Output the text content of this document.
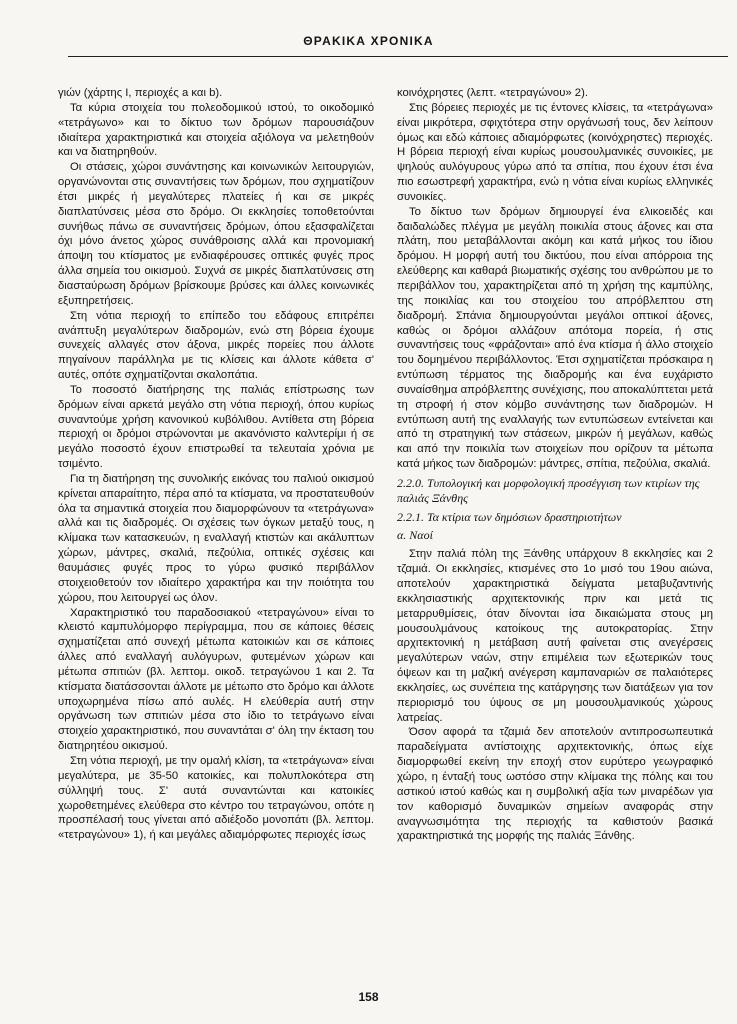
ΘΡΑΚΙΚΑ ΧΡΟΝΙΚΑ

γιών (χάρτης Ι, περιοχές a και b).

Τα κύρια στοιχεία του πολεοδομικού ιστού, το οικοδομικό «τετράγωνο» και το δίκτυο των δρόμων παρουσιάζουν ιδιαίτερα χαρακτηριστικά και στοιχεία αξιόλογα να μελετηθούν και να διατηρηθούν.

Οι στάσεις, χώροι συνάντησης και κοινωνικών λειτουργιών, οργανώνονται στις συναντήσεις των δρόμων, που σχηματίζουν έτσι μικρές ή μεγαλύτερες πλατείες ή και σε μικρές διαπλατύνσεις μέσα στο δρόμο. Οι εκκλησίες τοποθετούνται συνήθως πάνω σε συναντήσεις δρόμων, όπου εξασφαλίζεται όχι μόνο άνετος χώρος συνάθροισης αλλά και προνομιακή άποψη του κτίσματος με ενδιαφέρουσες οπτικές φυγές προς άλλα σημεία του οικισμού. Συχνά σε μικρές διαπλατύνσεις στη διασταύρωση δρόμων βρίσκουμε βρύσες και άλλες κοινωνικές εξυπηρετήσεις.

Στη νότια περιοχή το επίπεδο του εδάφους επιτρέπει ανάπτυξη μεγαλύτερων διαδρομών, ενώ στη βόρεια έχουμε συνεχείς αλλαγές στον άξονα, μικρές πορείες που άλλοτε πηγαίνουν παράλληλα με τις κλίσεις και άλλοτε κάθετα σ' αυτές, οπότε σχηματίζονται σκαλοπάτια.

Το ποσοστό διατήρησης της παλιάς επίστρωσης των δρόμων είναι αρκετά μεγάλο στη νότια περιοχή, όπου κυρίως συναντούμε χρήση κανονικού κυβόλιθου. Αντίθετα στη βόρεια περιοχή οι δρόμοι στρώνονται με ακανόνιστο καλντερίμι ή σε μεγάλο ποσοστό έχουν επιστρωθεί τα τελευταία χρόνια με τσιμέντο.

Για τη διατήρηση της συνολικής εικόνας του παλιού οικισμού κρίνεται απαραίτητο, πέρα από τα κτίσματα, να προστατευθούν όλα τα σημαντικά στοιχεία που διαμορφώνουν τα «τετράγωνα» αλλά και τις διαδρομές. Οι σχέσεις των όγκων μεταξύ τους, η κλίμακα των κατασκευών, η εναλλαγή κτιστών και ακάλυπτων χώρων, μάντρες, σκαλιά, πεζούλια, οπτικές σχέσεις και θαυμάσιες φυγές προς το γύρω φυσικό περιβάλλον στοιχειοθετούν τον ιδιαίτερο χαρακτήρα και την ποιότητα του χώρου, που λειτουργεί ως όλον.

Χαρακτηριστικό του παραδοσιακού «τετραγώνου» είναι το κλειστό καμπυλόμορφο περίγραμμα, που σε κάποιες θέσεις σχηματίζεται από συνεχή μέτωπα κατοικιών και σε κάποιες άλλες από εναλλαγή αυλόγυρων, φυτεμένων χώρων και μέτωπα σπιτιών (βλ. λεπτομ. οικοδ. τετραγώνου 1 και 2. Τα κτίσματα διατάσσονται άλλοτε με μέτωπο στο δρόμο και άλλοτε υποχωρημένα πίσω από αυλές. Η ελεύθερία αυτή στην οργάνωση των σπιτιών μέσα στο ίδιο το τετράγωνο είναι στοιχείο χαρακτηριστικό, που συναντάται σ' όλη την έκταση του διατηρητέου οικισμού.

Στη νότια περιοχή, με την ομαλή κλίση, τα «τετράγωνα» είναι μεγαλύτερα, με 35-50 κατοικίες, και πολυπλοκότερα στη σύλληψή τους. Σ' αυτά συναντώνται και κατοικίες χωροθετημένες ελεύθερα στο κέντρο του τετραγώνου, οπότε η προσπέλασή τους γίνεται από αδιέξοδο μονοπάτι (βλ. λεπτομ. «τετραγώνου» 1), ή και μεγάλες αδιαμόρφωτες περιοχές ίσως

κοινόχρηστες (λεπτ. «τετραγώνου» 2).

Στις βόρειες περιοχές με τις έντονες κλίσεις, τα «τετράγωνα» είναι μικρότερα, σφιχτότερα στην οργάνωσή τους, δεν λείπουν όμως και εδώ κάποιες αδιαμόρφωτες (κοινόχρηστες) περιοχές. Η βόρεια περιοχή είναι κυρίως μουσουλμανικές συνοικίες, με ψηλούς αυλόγυρους γύρω από τα σπίτια, που έχουν έτσι ένα πιο εσωστρεφή χαρακτήρα, ενώ η νότια είναι κυρίως ελληνικές συνοικίες.

Το δίκτυο των δρόμων δημιουργεί ένα ελικοειδές και δαιδαλώδες πλέγμα με μεγάλη ποικιλία στους άξονες και στα πλάτη, που μεταβάλλονται ακόμη και κατά μήκος του ίδιου δρόμου. Η μορφή αυτή του δικτύου, που είναι απόρροια της ελεύθερης και καθαρά βιωματικής σχέσης του ανθρώπου με το περιβάλλον του, χαρακτηρίζεται από τη χρήση της καμπύλης, της ποικιλίας και του στοιχείου του απρόβλεπτου στη διαδρομή. Σπάνια δημιουργούνται μεγάλοι οπτικοί άξονες, καθώς οι δρόμοι αλλάζουν απότομα πορεία, ή στις συναντήσεις τους «φράζονται» από ένα κτίσμα ή άλλο στοιχείο του δομημένου περιβάλλοντος. Έτσι σχηματίζεται πρόσκαιρα η εντύπωση τέρματος της διαδρομής και ένα ευχάριστο συναίσθημα απρόβλεπτης συνέχισης, που αποκαλύπτεται μετά τη στροφή ή στον κόμβο συνάντησης των διαδρομών. Η εντύπωση αυτή της εναλλαγής των εντυπώσεων εντείνεται και από τη στρατηγική των στάσεων, μικρών ή μεγάλων, καθώς και από την ποικιλία των στοιχείων που ορίζουν τα μέτωπα κατά μήκος των διαδρομών: μάντρες, σπίτια, πεζούλια, σκαλιά.

2.2.0. Τυπολογική και μορφολογική προσέγγιση των κτιρίων της παλιάς Ξάνθης

2.2.1. Τα κτίρια των δημόσιων δραστηριοτήτων

α. Ναοί

Στην παλιά πόλη της Ξάνθης υπάρχουν 8 εκκλησίες και 2 τζαμιά. Οι εκκλησίες, κτισμένες στο 1ο μισό του 19ου αιώνα, αποτελούν χαρακτηριστικά δείγματα μεταβυζαντινής εκκλησιαστικής αρχιτεκτονικής πριν και μετά τις μεταρρυθμίσεις, όταν δίνονται ίσα δικαιώματα στους μη μουσουλμάνους κατοίκους της αυτοκρατορίας. Στην αρχιτεκτονική η μετάβαση αυτή φαίνεται στις ανεγέρσεις μεγαλύτερων ναών, στην επιμέλεια των εξωτερικών τους όψεων και τη μαζική ανέγερση καμπαναριών σε παλαιότερες εκκλησίες, ως συνέπεια της κατάργησης των διατάξεων για τον περιορισμό του ύψους σε μη μουσουλμανικούς χώρους λατρείας.

Όσον αφορά τα τζαμιά δεν αποτελούν αντιπροσωπευτικά παραδείγματα αντίστοιχης αρχιτεκτονικής, όπως είχε διαμορφωθεί εκείνη την εποχή στον ευρύτερο γεωγραφικό χώρο, η ένταξή τους ωστόσο στην κλίμακα της πόλης και του αστικού ιστού καθώς και η συμβολική αξία των μιναρέδων για τον καθορισμό δυναμικών σημείων αναφοράς στην αναγνωσιμότητα της περιοχής τα καθιστούν βασικά χαρακτηριστικά της μορφής της παλιάς Ξάνθης.

158
